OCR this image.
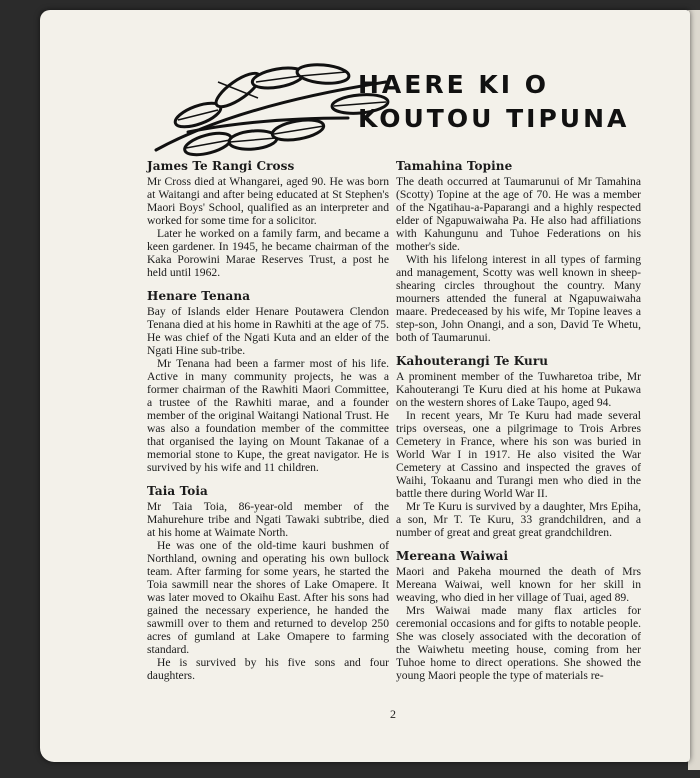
HAERE KI O
KOUTOU TIPUNA
James Te Rangi Cross

Mr Cross died at Whangarei, aged 90. He was born at Waitangi and after being educated at St Stephen's Maori Boys' School, qualified as an interpreter and worked for some time for a solicitor.

Later he worked on a family farm, and became a keen gardener. In 1945, he became chairman of the Kaka Porowini Marae Reserves Trust, a post he held until 1962.

Henare Tenana

Bay of Islands elder Henare Poutawera Clendon Tenana died at his home in Rawhiti at the age of 75. He was chief of the Ngati Kuta and an elder of the Ngati Hine sub-tribe.

Mr Tenana had been a farmer most of his life. Active in many community projects, he was a former chairman of the Rawhiti Maori Committee, a trustee of the Rawhiti marae, and a founder member of the original Waitangi National Trust. He was also a foundation member of the committee that organised the laying on Mount Takanae of a memorial stone to Kupe, the great navigator. He is survived by his wife and 11 children.

Taia Toia

Mr Taia Toia, 86-year-old member of the Mahurehure tribe and Ngati Tawaki subtribe, died at his home at Waimate North.

He was one of the old-time kauri bushmen of Northland, owning and operating his own bullock team. After farming for some years, he started the Toia sawmill near the shores of Lake Omapere. It was later moved to Okaihu East. After his sons had gained the necessary experience, he handed the sawmill over to them and returned to develop 250 acres of gumland at Lake Omapere to farming standard.

He is survived by his five sons and four daughters.

Tamahina Topine

The death occurred at Taumarunui of Mr Tamahina (Scotty) Topine at the age of 70. He was a member of the Ngatihau-a-Paparangi and a highly respected elder of Ngapuwaiwaha Pa. He also had affiliations with Kahungunu and Tuhoe Federations on his mother's side.

With his lifelong interest in all types of farming and management, Scotty was well known in sheep-shearing circles throughout the country. Many mourners attended the funeral at Ngapuwaiwaha maare. Predeceased by his wife, Mr Topine leaves a step-son, John Onangi, and a son, David Te Whetu, both of Taumarunui.

Kahouterangi Te Kuru

A prominent member of the Tuwharetoa tribe, Mr Kahouterangi Te Kuru died at his home at Pukawa on the western shores of Lake Taupo, aged 94.

In recent years, Mr Te Kuru had made several trips overseas, one a pilgrimage to Trois Arbres Cemetery in France, where his son was buried in World War I in 1917. He also visited the War Cemetery at Cassino and inspected the graves of Waihi, Tokaanu and Turangi men who died in the battle there during World War II.

Mr Te Kuru is survived by a daughter, Mrs Epiha, a son, Mr T. Te Kuru, 33 grandchildren, and a number of great and great great grandchildren.

Mereana Waiwai

Maori and Pakeha mourned the death of Mrs Mereana Waiwai, well known for her skill in weaving, who died in her village of Tuai, aged 89.

Mrs Waiwai made many flax articles for ceremonial occasions and for gifts to notable people. She was closely associated with the decoration of the Waiwhetu meeting house, coming from her Tuhoe home to direct operations. She showed the young Maori people the type of materials re-

2
